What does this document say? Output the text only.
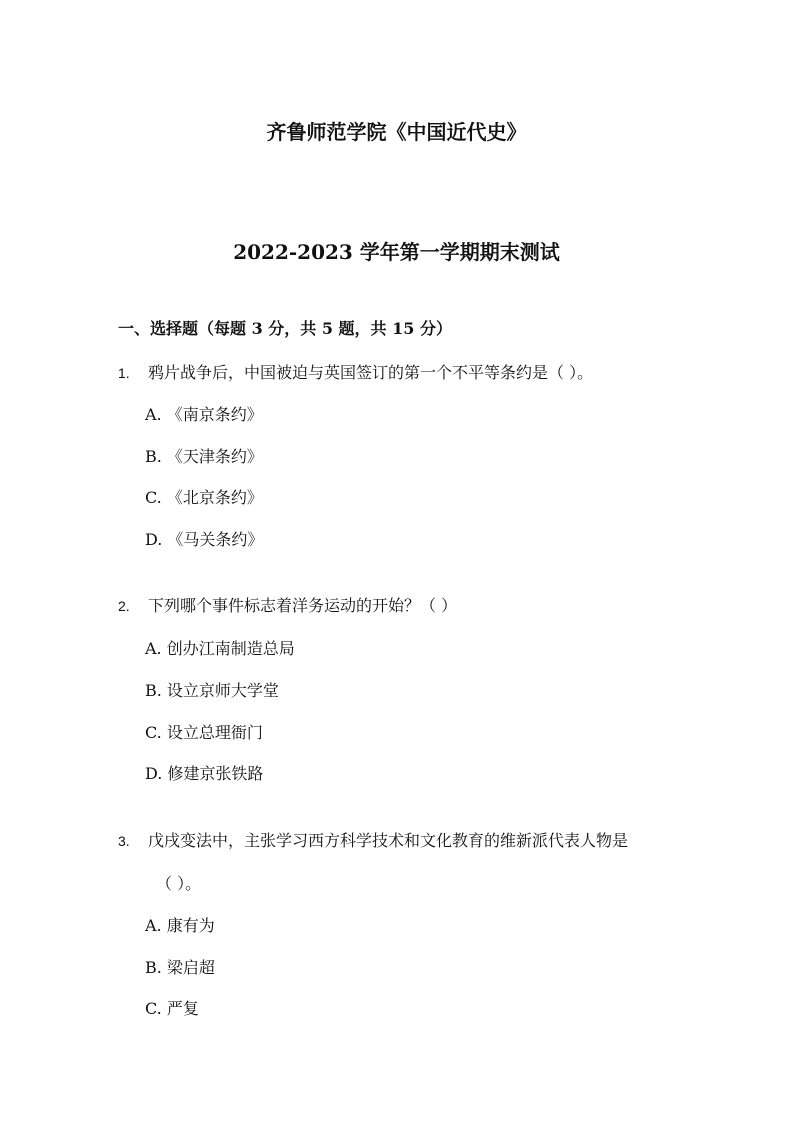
齐鲁师范学院《中国近代史》
2022-2023 学年第一学期期末测试
一、选择题（每题 3 分，共 5 题，共 15 分）
1. 鸦片战争后，中国被迫与英国签订的第一个不平等条约是（ ）。
A. 《南京条约》
B. 《天津条约》
C. 《北京条约》
D. 《马关条约》
2. 下列哪个事件标志着洋务运动的开始？（ ）
A. 创办江南制造总局
B. 设立京师大学堂
C. 设立总理衙门
D. 修建京张铁路
3. 戊戌变法中，主张学习西方科学技术和文化教育的维新派代表人物是
（ ）。
A. 康有为
B. 梁启超
C. 严复
